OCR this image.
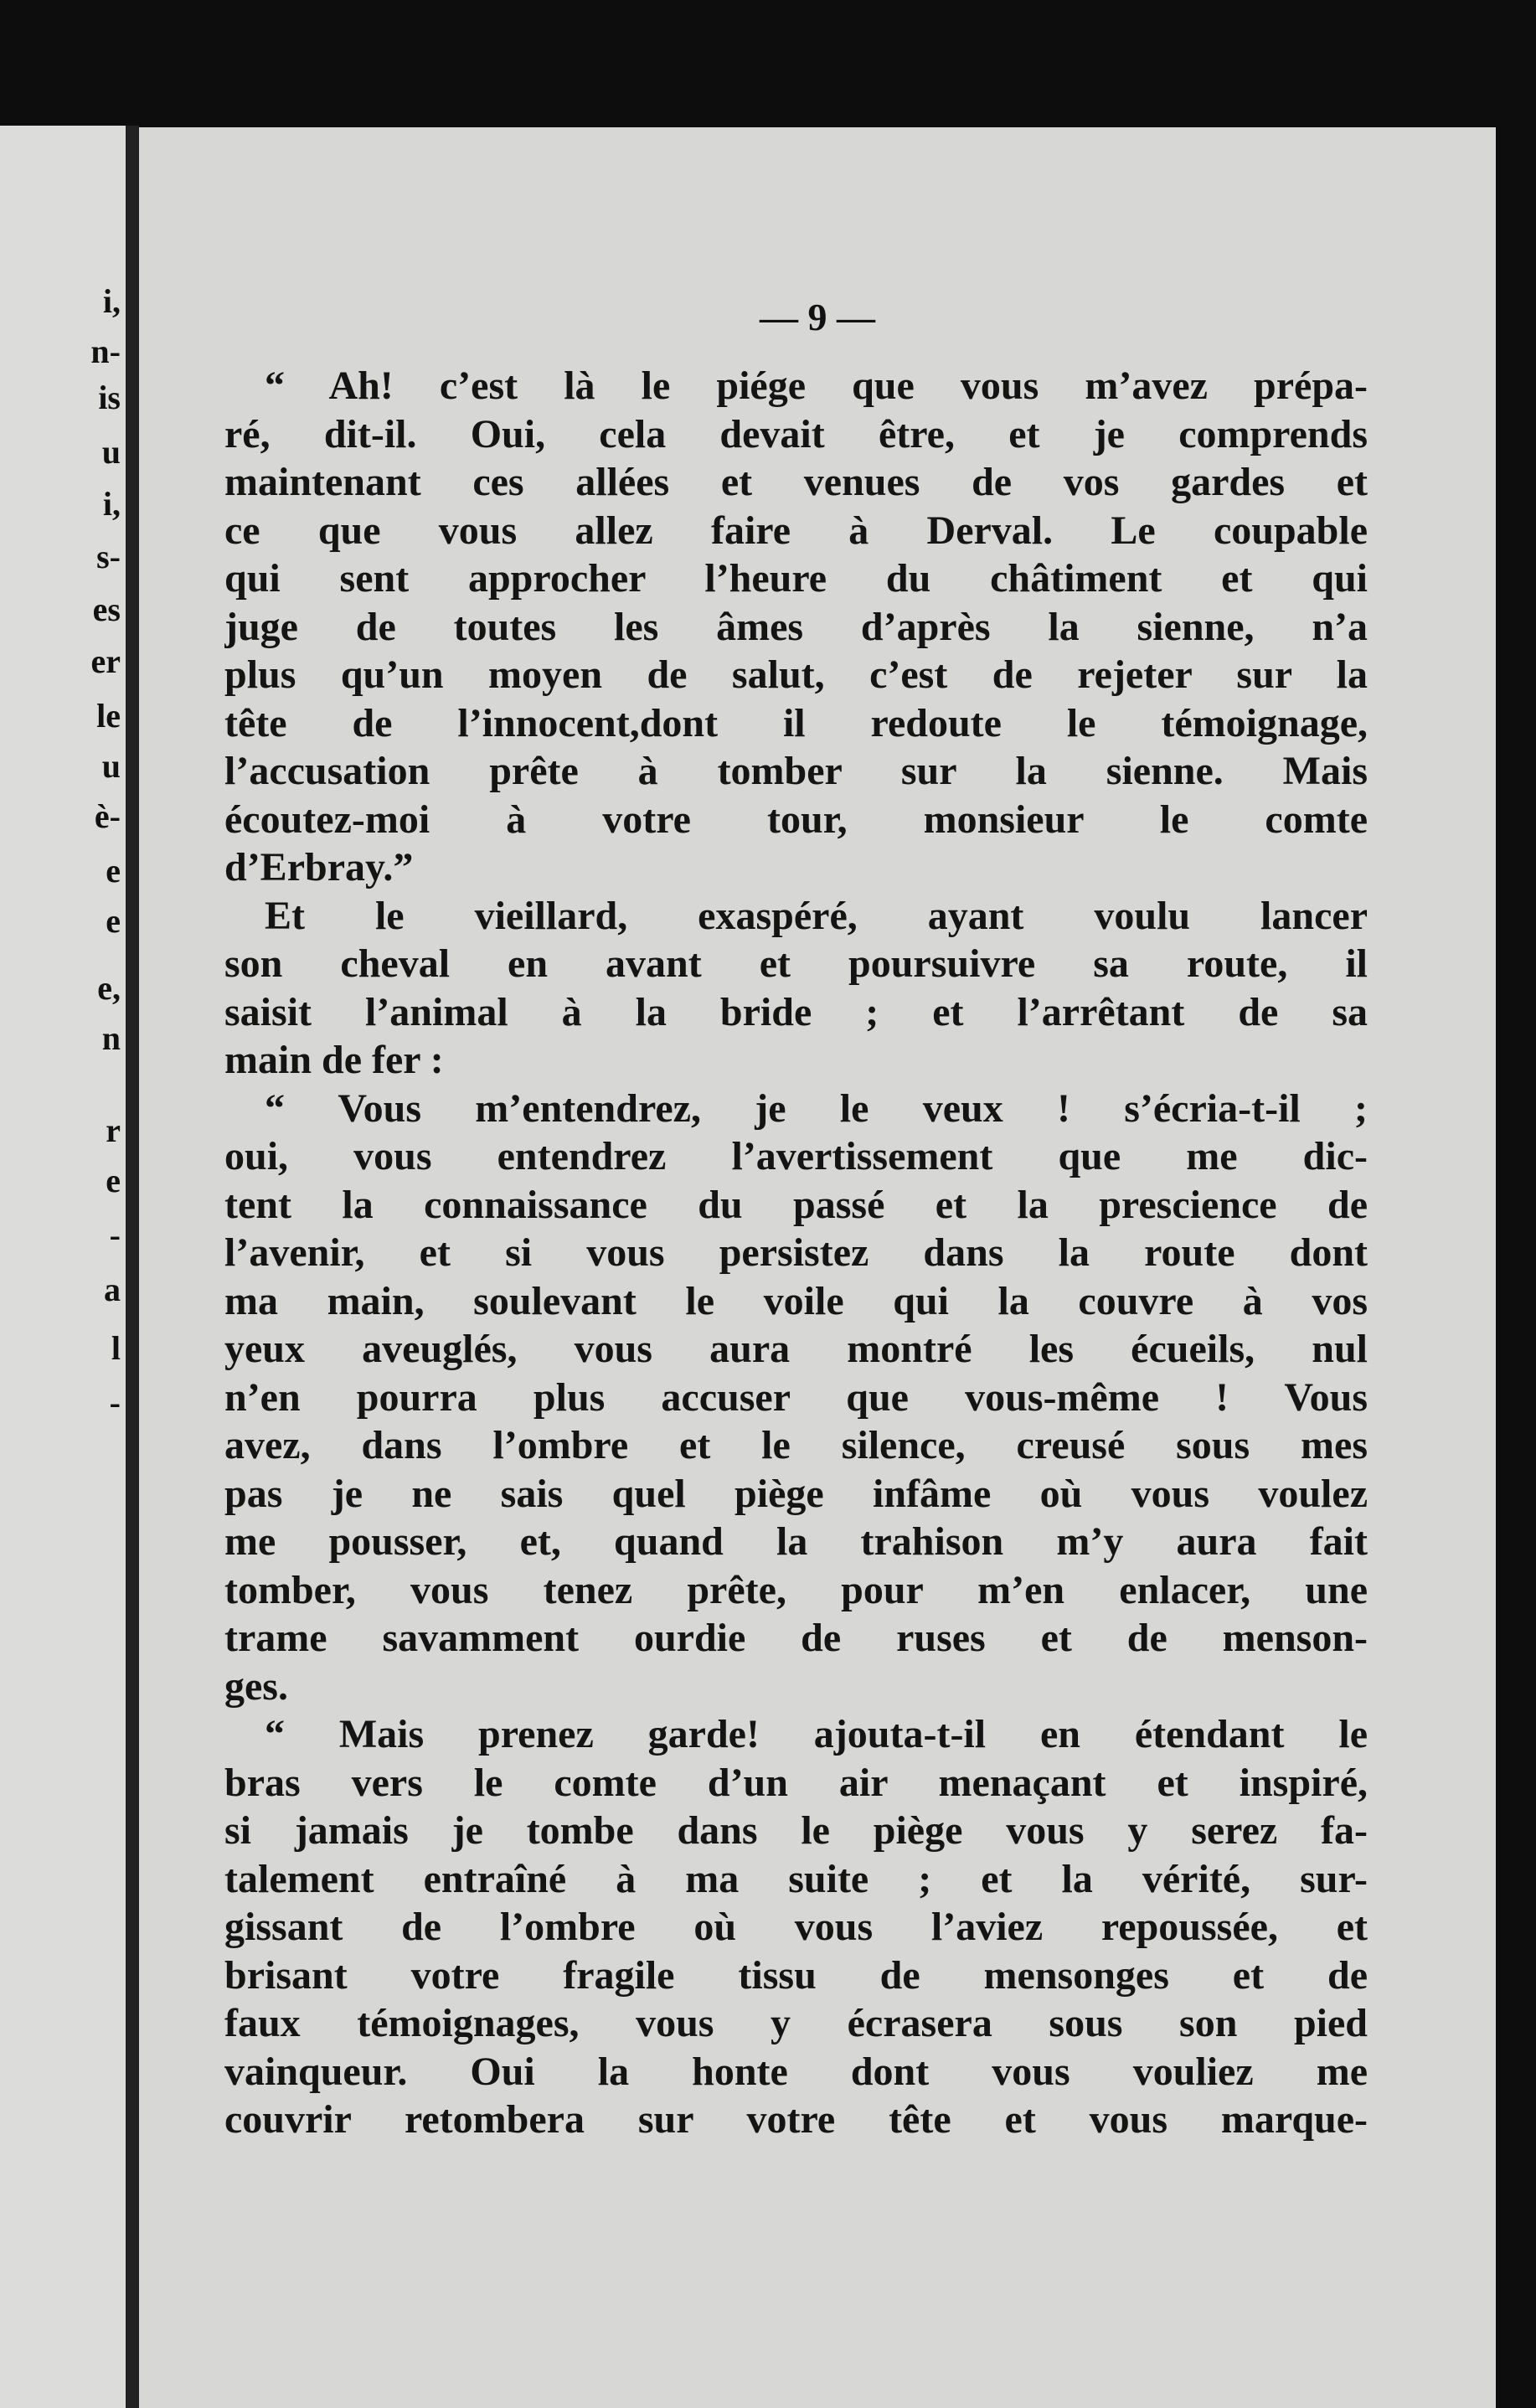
i,
n-
is
u
i,
s-
es
er
le
u
è-
e
e
e,
n
r
e
-
a
l
-
— 9 —
“ Ah! c’est là le piége que vous m’avez prépa-
ré, dit-il. Oui, cela devait être, et je comprends
maintenant ces allées et venues de vos gardes et
ce que vous allez faire à Derval. Le coupable
qui sent approcher l’heure du châtiment et qui
juge de toutes les âmes d’après la sienne, n’a
plus qu’un moyen de salut, c’est de rejeter sur la
tête de l’innocent,dont il redoute le témoignage,
l’accusation prête à tomber sur la sienne. Mais
écoutez-moi à votre tour, monsieur le comte
d’Erbray.”
Et le vieillard, exaspéré, ayant voulu lancer
son cheval en avant et poursuivre sa route, il
saisit l’animal à la bride ; et l’arrêtant de sa
main de fer :
“ Vous m’entendrez, je le veux ! s’écria-t-il ;
oui, vous entendrez l’avertissement que me dic-
tent la connaissance du passé et la prescience de
l’avenir, et si vous persistez dans la route dont
ma main, soulevant le voile qui la couvre à vos
yeux aveuglés, vous aura montré les écueils, nul
n’en pourra plus accuser que vous-même ! Vous
avez, dans l’ombre et le silence, creusé sous mes
pas je ne sais quel piège infâme où vous voulez
me pousser, et, quand la trahison m’y aura fait
tomber, vous tenez prête, pour m’en enlacer, une
trame savamment ourdie de ruses et de menson-
ges.
“ Mais prenez garde! ajouta-t-il en étendant le
bras vers le comte d’un air menaçant et inspiré,
si jamais je tombe dans le piège vous y serez fa-
talement entraîné à ma suite ; et la vérité, sur-
gissant de l’ombre où vous l’aviez repoussée, et
brisant votre fragile tissu de mensonges et de
faux témoignages, vous y écrasera sous son pied
vainqueur. Oui la honte dont vous vouliez me
couvrir retombera sur votre tête et vous marque-
